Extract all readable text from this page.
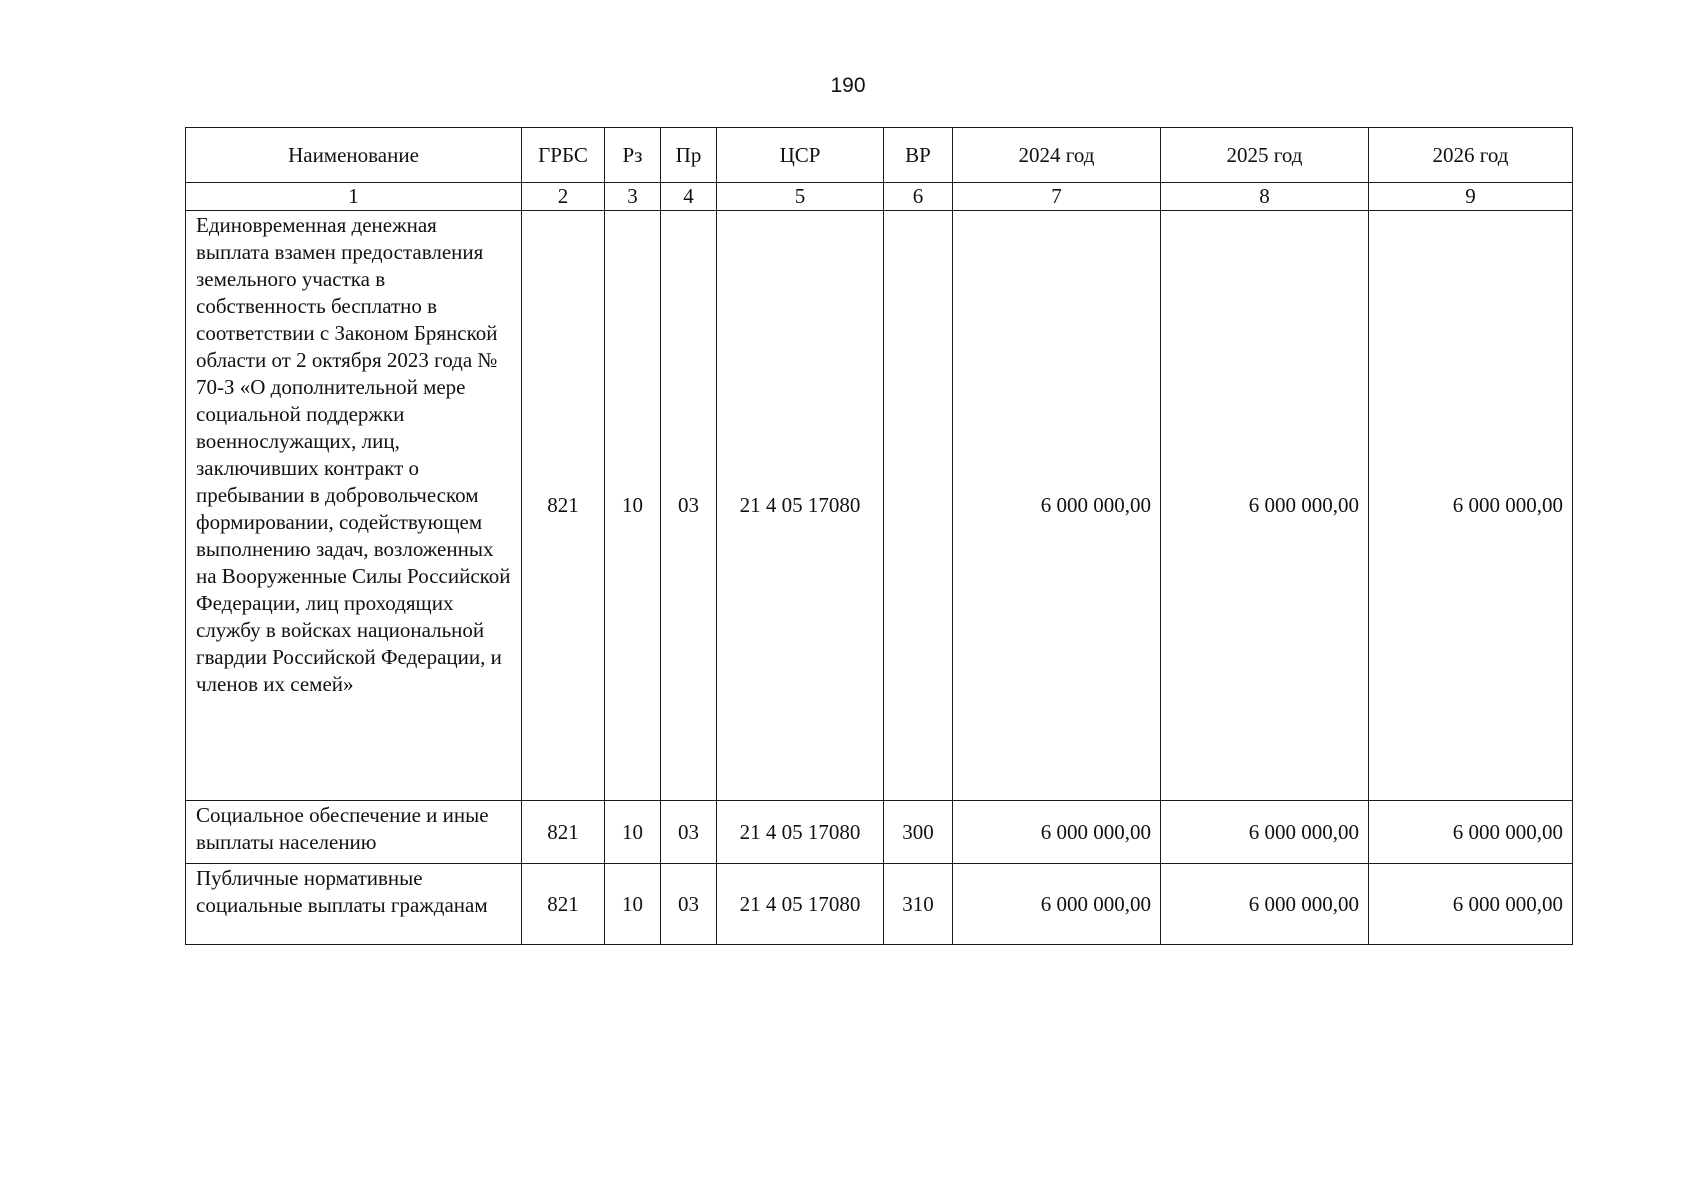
190
Наименование	ГРБС	Рз	Пр	ЦСР	ВР	2024 год	2025 год	2026 год
1	2	3	4	5	6	7	8	9
Единовременная денежная выплата взамен предоставления земельного участка в собственность бесплатно в соответствии с Законом Брянской области от 2 октября 2023 года № 70-З «О дополнительной мере социальной поддержки военнослужащих, лиц, заключивших контракт о пребывании в добровольческом формировании, содействующем выполнению задач, возложенных на Вооруженные Силы Российской Федерации, лиц проходящих службу в войсках национальной гвардии Российской Федерации, и членов их семей»	821	10	03	21 4 05 17080		6 000 000,00	6 000 000,00	6 000 000,00
Социальное обеспечение и иные выплаты населению	821	10	03	21 4 05 17080	300	6 000 000,00	6 000 000,00	6 000 000,00
Публичные нормативные социальные выплаты гражданам	821	10	03	21 4 05 17080	310	6 000 000,00	6 000 000,00	6 000 000,00
